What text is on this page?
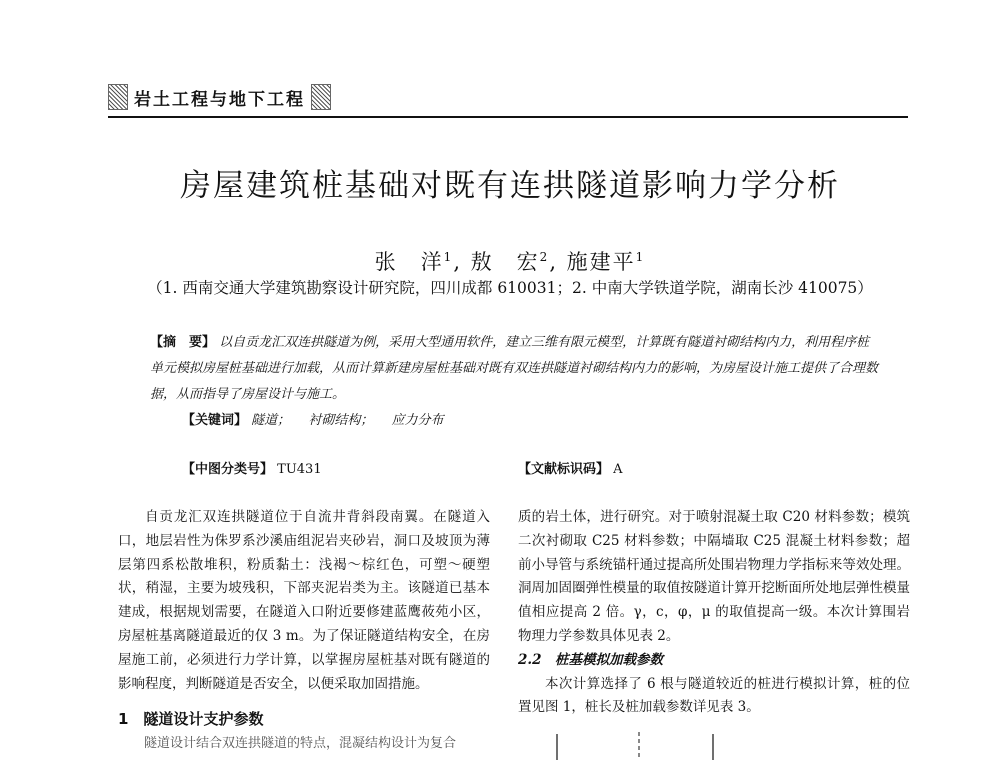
岩土工程与地下工程
房屋建筑桩基础对既有连拱隧道影响力学分析
张　洋$^1$, 敖　宏$^2$, 施建平$^1$
（1. 西南交通大学建筑勘察设计研究院，四川成都 610031；2. 中南大学铁道学院，湖南长沙 410075）
【摘　要】 以自贡龙汇双连拱隧道为例，采用大型通用软件，建立三维有限元模型，计算既有隧道衬砌结构内力，利用程序桩单元模拟房屋桩基础进行加载，从而计算新建房屋桩基础对既有双连拱隧道衬砌结构内力的影响，为房屋设计施工提供了合理数据，从而指导了房屋设计与施工。
【关键词】 隧道； 衬砌结构； 应力分布
【中图分类号】 TU431	【文献标识码】 A

自贡龙汇双连拱隧道位于自流井背斜段南翼。在隧道入口，地层岩性为侏罗系沙溪庙组泥岩夹砂岩，洞口及坡顶为薄层第四系松散堆积，粉质黏土：浅褐～棕红色，可塑～硬塑状，稍湿，主要为坡残积，下部夹泥岩类为主。该隧道已基本建成，根据规划需要，在隧道入口附近要修建蓝鹰莜苑小区，房屋桩基离隧道最近的仅 3 m。为了保证隧道结构安全，在房屋施工前，必须进行力学计算，以掌握房屋桩基对既有隧道的影响程度，判断隧道是否安全，以便采取加固措施。

1　隧道设计支护参数

隧道设计结合双连拱隧道的特点，混凝结构设计为复合

质的岩土体，进行研究。对于喷射混凝土取 C20 材料参数；模筑二次衬砌取 C25 材料参数；中隔墙取 C25 混凝土材料参数；超前小导管与系统锚杆通过提高所处围岩物理力学指标来等效处理。洞周加固圈弹性模量的取值按隧道计算开挖断面所处地层弹性模量值相应提高 2 倍。γ，c，φ，μ 的取值提高一级。本次计算围岩物理力学参数具体见表 2。

2.2　桩基模拟加载参数

本次计算选择了 6 根与隧道较近的桩进行模拟计算，桩的位置见图 1，桩长及桩加载参数详见表 3。
